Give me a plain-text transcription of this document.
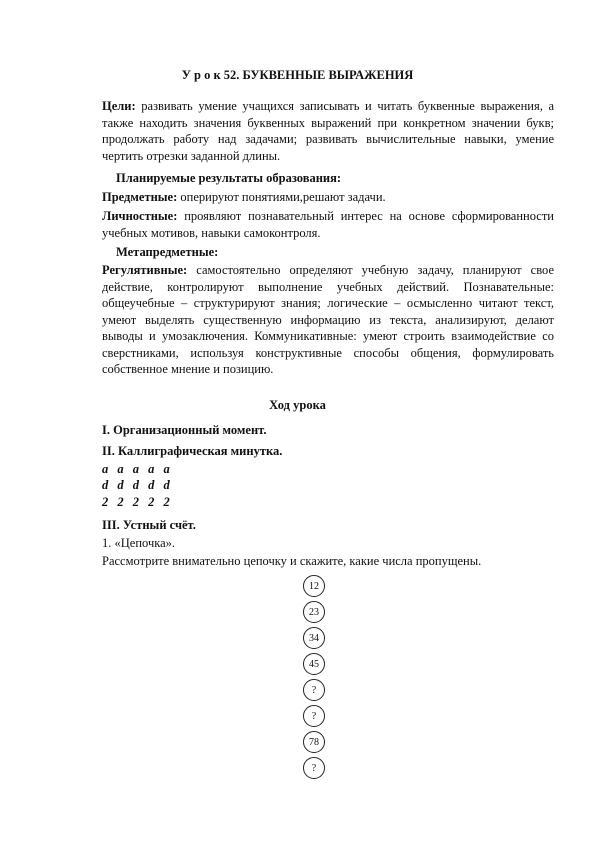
У р о к 52. БУКВЕННЫЕ ВЫРАЖЕНИЯ
Цели: развивать умение учащихся записывать и читать буквенные выражения, а также находить значения буквенных выражений при конкретном значении букв; продолжать работу над задачами; развивать вычислительные навыки, умение чертить отрезки заданной длины.
Планируемые результаты образования:
Предметные: оперируют понятиями,решают задачи.
Личностные: проявляют познавательный интерес на основе сформированности учебных мотивов, навыки самоконтроля.
Метапредметные:
Регулятивные: самостоятельно определяют учебную задачу, планируют свое действие, контролируют выполнение учебных действий. Познавательные: общеучебные – структурируют знания; логические – осмысленно читают текст, умеют выделять существенную информацию из текста, анализируют, делают выводы и умозаключения. Коммуникативные: умеют строить взаимодействие со сверстниками, используя конструктивные способы общения, формулировать собственное мнение и позицию.
Ход урока
I. Организационный момент.
II. Каллиграфическая минутка.
а а а а а
d d d d d
2 2 2 2 2
III. Устный счёт.
1. «Цепочка».
Рассмотрите внимательно цепочку и скажите, какие числа пропущены.
12
23
34
45
?
?
78
?
